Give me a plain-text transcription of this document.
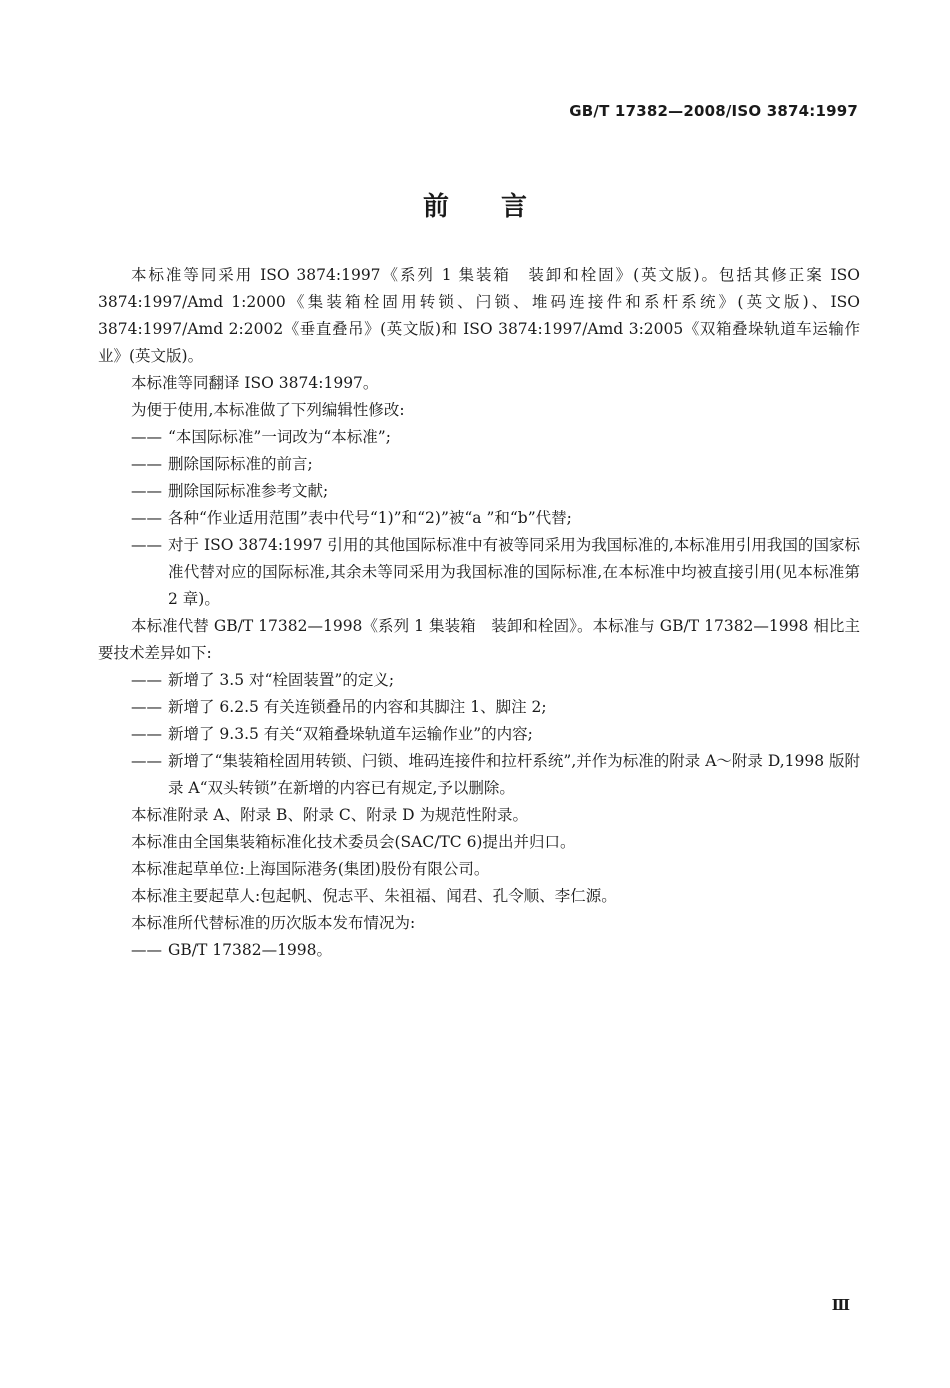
GB/T 17382—2008/ISO 3874:1997
前言

本标准等同采用 ISO 3874:1997《系列 1 集装箱　装卸和栓固》(英文版)。包括其修正案 ISO 3874:1997/Amd 1:2000《集装箱栓固用转锁、闩锁、堆码连接件和系杆系统》(英文版)、ISO 3874:1997/Amd 2:2002《垂直叠吊》(英文版)和 ISO 3874:1997/Amd 3:2005《双箱叠垛轨道车运输作业》(英文版)。

本标准等同翻译 ISO 3874:1997。

为便于使用,本标准做了下列编辑性修改:

—— “本国际标准”一词改为“本标准”;

—— 删除国际标准的前言;

—— 删除国际标准参考文献;

—— 各种“作业适用范围”表中代号“1)”和“2)”被“a ”和“b”代替;

—— 对于 ISO 3874:1997 引用的其他国际标准中有被等同采用为我国标准的,本标准用引用我国的国家标准代替对应的国际标准,其余未等同采用为我国标准的国际标准,在本标准中均被直接引用(见本标准第 2 章)。

本标准代替 GB/T 17382—1998《系列 1 集装箱　装卸和栓固》。本标准与 GB/T 17382—1998 相比主要技术差异如下:

—— 新增了 3.5 对“栓固装置”的定义;

—— 新增了 6.2.5 有关连锁叠吊的内容和其脚注 1、脚注 2;

—— 新增了 9.3.5 有关“双箱叠垛轨道车运输作业”的内容;

—— 新增了“集装箱栓固用转锁、闩锁、堆码连接件和拉杆系统”,并作为标准的附录 A～附录 D,1998 版附录 A“双头转锁”在新增的内容已有规定,予以删除。

本标准附录 A、附录 B、附录 C、附录 D 为规范性附录。

本标准由全国集装箱标准化技术委员会(SAC/TC 6)提出并归口。

本标准起草单位:上海国际港务(集团)股份有限公司。

本标准主要起草人:包起帆、倪志平、朱祖福、闻君、孔令顺、李仁源。

本标准所代替标准的历次版本发布情况为:

—— GB/T 17382—1998。

Ⅲ
